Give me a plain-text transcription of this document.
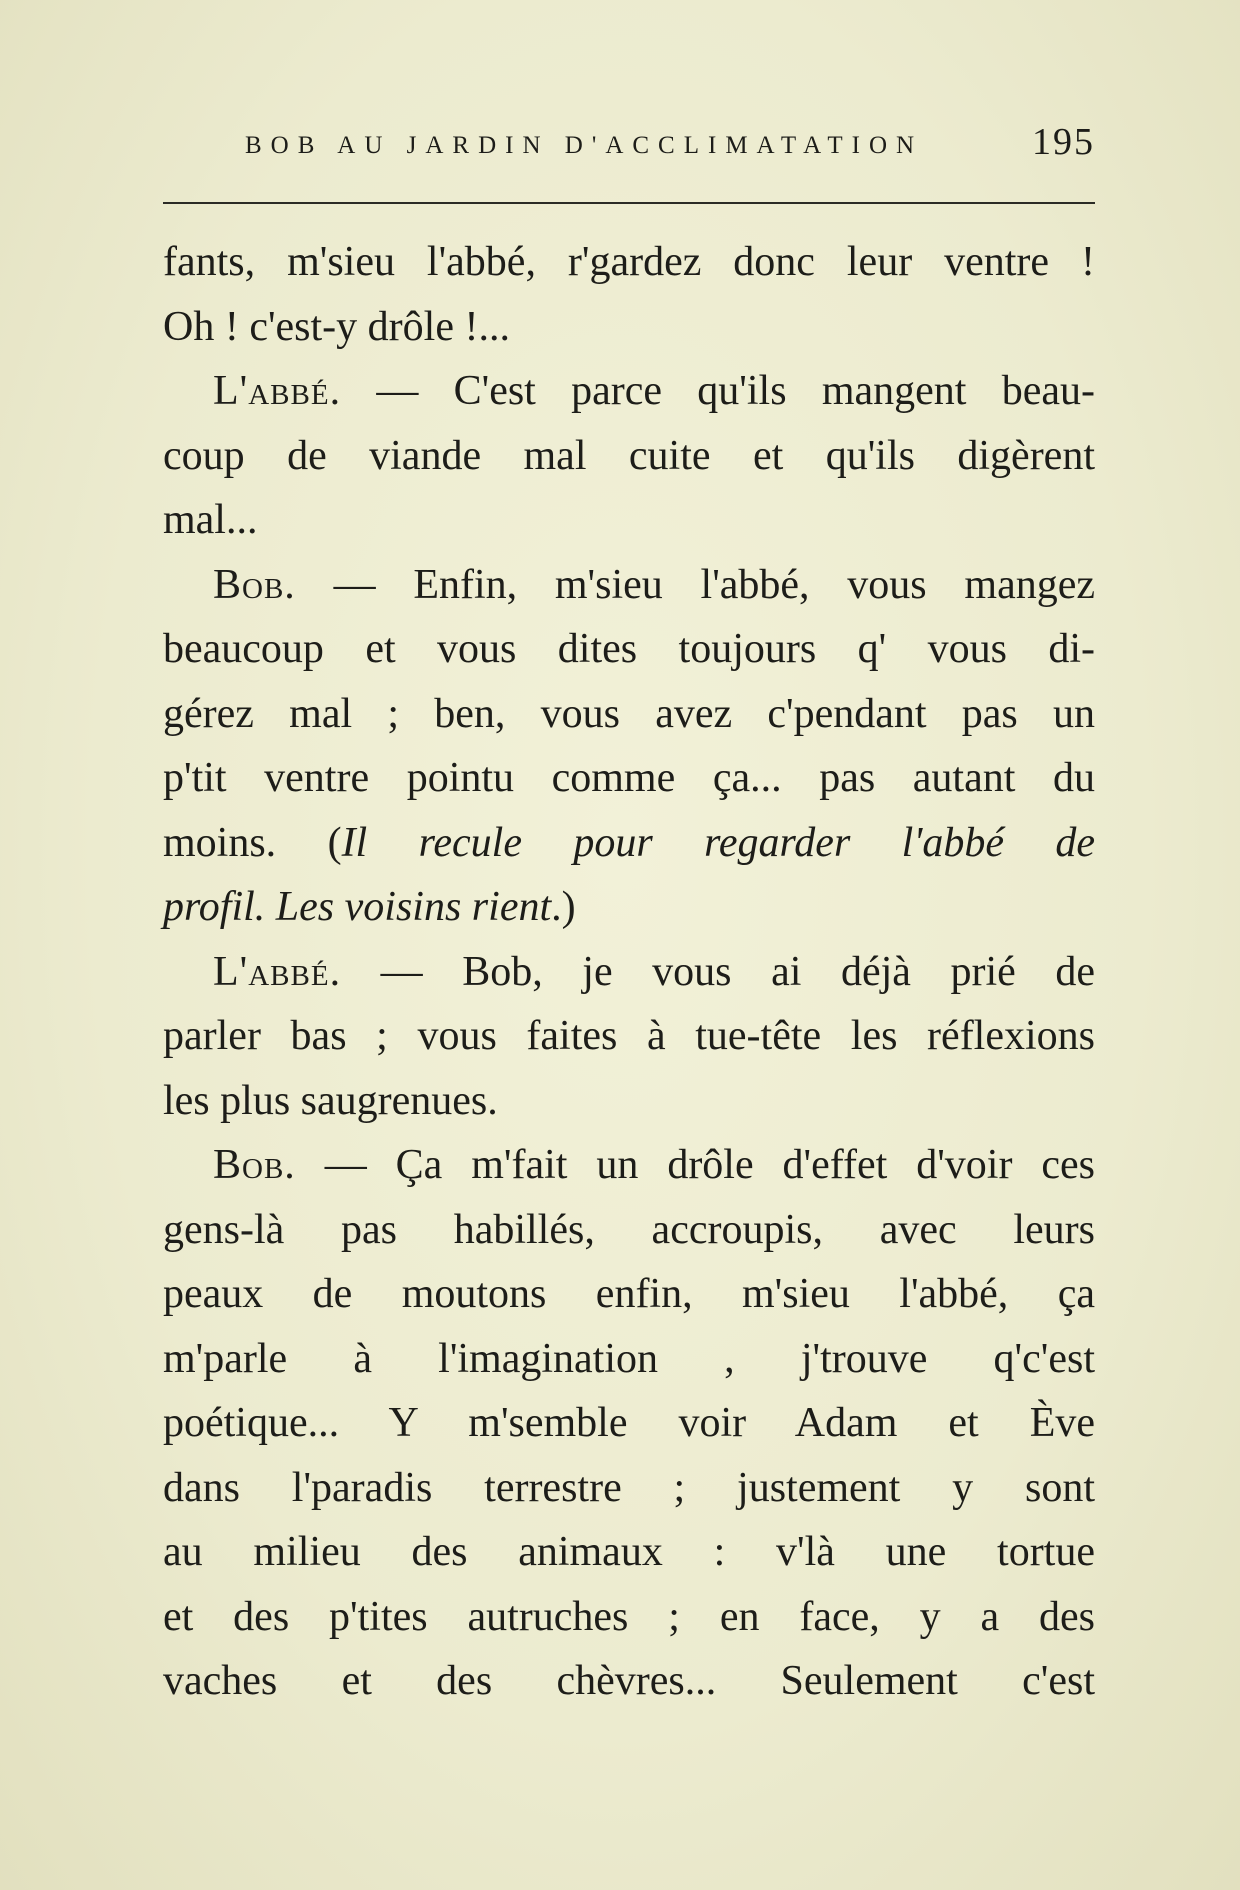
BOB AU JARDIN D'ACCLIMATATION	195
fants, m'sieu l'abbé, r'gardez donc leur ventre !
Oh ! c'est-y drôle !...
L'abbé. — C'est parce qu'ils mangent beau-
coup de viande mal cuite et qu'ils digèrent
mal...
Bob. — Enfin, m'sieu l'abbé, vous mangez
beaucoup et vous dites toujours q' vous di-
gérez mal ; ben, vous avez c'pendant pas un
p'tit ventre pointu comme ça... pas autant du
moins. (Il recule pour regarder l'abbé de
profil. Les voisins rient.)
L'abbé. — Bob, je vous ai déjà prié de
parler bas ; vous faites à tue-tête les réflexions
les plus saugrenues.
Bob. — Ça m'fait un drôle d'effet d'voir ces
gens-là pas habillés, accroupis, avec leurs
peaux de moutons enfin, m'sieu l'abbé, ça
m'parle à l'imagination , j'trouve q'c'est
poétique... Y m'semble voir Adam et Ève
dans l'paradis terrestre ; justement y sont
au milieu des animaux : v'là une tortue
et des p'tites autruches ; en face, y a des
vaches et des chèvres... Seulement c'est
